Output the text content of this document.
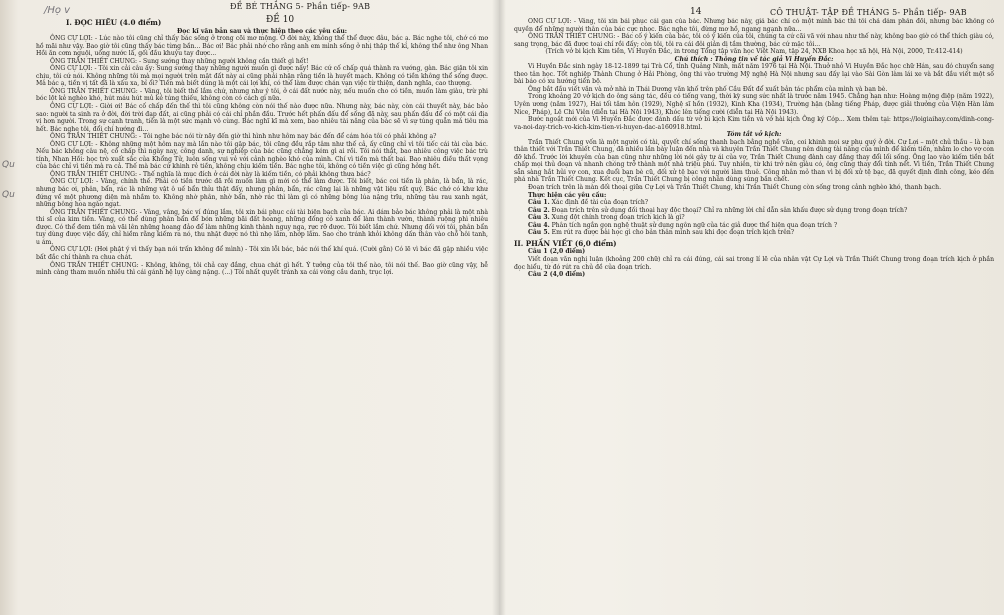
ĐỀ BÉ THẮNG 5- Phần tiếp- 9AB
CÔ THUẬT- TẬP ĐỀ THÁNG 5- Phần tiếp- 9AB
ĐỀ 10
14
/Họ v
Qu
Qu

I. ĐỌC HIỂU (4.0 điểm)

Đọc kĩ văn bản sau và thực hiện theo các yêu cầu:

ÔNG CỰ LỢI: - Lúc nào tôi cũng chỉ thấy bác sống ở trong cõi mơ mộng. Ở đời này, không thể thể được đâu, bác ạ. Bác nghe tôi, chớ có mơ hồ mãi như vậy. Bao giờ tôi cũng thấy bác từng bần... Bác ơi! Bác phải nhớ cho rằng anh em mình sống ở nhị thập thế kỉ, không thể như ông Nhan Hồi ăn cơm nguội, uống nước lã, gối đầu khuỷu tay được...

ÔNG TRẦN THIẾT CHUNG: - Sung sướng thay những người không cần thiết gì hết!

ÔNG CỰ LỢI: - Tôi xin cải câu ấy: Sung sướng thay những người muốn gì được nấy! Bác cứ cố chấp quá thành ra vướng, gàn. Bác giận tôi xin chịu, tôi cứ nói. Không những tôi mà mọi người trên mặt đất này ai cũng phải nhận rằng tiền là huyết mạch. Không có tiền không thể sống được. Mà bác ạ, tiền vị tất đã là xấu xa, bỉ ổi? Tiền mà biết dùng là một cái lợi khí, có thể làm được chán vạn việc từ thiện, danh nghĩa, cao thượng.

ÔNG TRẦN THIẾT CHUNG: - Vâng, tôi biết thế lắm chứ, nhưng như ý tôi, ở cái đất nước này, nếu muốn cho có tiền, muốn làm giàu, trừ phi bóc lột kẻ nghèo khó, hút máu hút mủ kẻ túng thiếu, không còn có cách gì nữa.

ÔNG CỰ LỢI: - Giời ơi! Bác cố chấp đến thế thì tôi cũng không còn nói thế nào được nữa. Nhưng này, bác này, còn cái thuyết này, bác bảo sao: người ta sinh ra ở đời, đời trời đạp đất, ai cũng phải có cái chỉ phần đầu. Trước hết phấn đấu để sống đã này, sau phấn đấu để có một cái địa vị hơn người. Trong sự cạnh tranh, tiền là một sức mạnh vô cùng. Bác nghĩ kĩ mà xem, bao nhiêu tài năng của bác sẽ vì sự túng quẫn mà tiêu ma hết. Bác nghe tôi, đổi chí hướng đi...

ÔNG TRẦN THIẾT CHUNG: - Tôi nghe bác nói từ nãy đến giờ thì hình như hôm nay bác đến để cám hóa tôi có phải không ạ?

ÔNG CỰ LỢI: - Không những một hôm nay mà lần nào tôi gặp bác, tôi cũng đều rắp tâm như thế cả, ấy cũng chỉ vì tôi tiếc cái tài của bác. Nếu bác không câu nệ, cố chấp thì ngày nay, công danh, sự nghiệp của bác cũng chẳng kém gì ai rồi. Tôi nói thật, bao nhiêu công việc bác trù tính, Nhan Hồi: học trò xuất sắc của Khổng Tử, luôn sống vui vẻ với cảnh nghèo khó của mình. Chí vì tiền mà thất bại. Bao nhiêu điều thất vọng của bác chỉ vì tiền mà ra cả. Thế mà bác cứ khinh rẻ tiền, không chịu kiếm tiền. Bác nghe tôi, không có tiền việc gì cũng hỏng hết.

ÔNG TRẦN THIẾT CHUNG: - Thế nghĩa là mục đích ở cái đời này là kiếm tiền, có phải không thưa bác?

ÔNG CỰ LỢI: - Vâng, chính thế. Phải có tiền trước đã rồi muốn làm gì mới có thể làm được. Tôi biết, bác coi tiền là phân, là bẩn, là rác, nhưng bác ơi, phân, bẩn, rác là những vật ô uế bẩn thỉu thật đấy, nhưng phân, bẩn, rác cũng lại là những vật liệu rất quý. Bác chớ có khư khư đứng về một phương diện mà nhầm to. Không nhờ phân, nhờ bẩn, nhờ rác thì làm gì có những bông lúa nặng trĩu, những tàu rau xanh ngát, những bông hoa ngào ngạt.

ÔNG TRẦN THIẾT CHUNG: - Vâng, vâng, bác ví đúng lắm, tôi xin bái phục cái tài biện bạch của bác. Ai dám bảo bác không phải là một nhà thi sĩ của kim tiền. Vâng, có thể dùng phân bẩn để bón những bãi đất hoang, những đống cỏ xanh để làm thành vườn, thành ruộng phì nhiêu được. Có thể đem tiền mà vãi lên những hoang đảo để làm những kinh thành nguy nga, rực rỡ được. Tôi biết lắm chứ. Nhưng đối với tôi, phân bẩn tuy dùng được việc đấy, chỉ hiềm rằng kiếm ra nó, thu nhặt được nó thì nhọ lắm, nhớp lắm. Sao cho tránh khỏi không dấn thân vào chỗ hôi tanh, u ám.

ÔNG CỰ LỢI: (Hơi phật ý vì thấy bạn nói trấn không để mình) - Tôi xin lỗi bác, bác nói thế khí quá. (Cười gằn) Có lẽ vì bác đã gặp nhiều việc bất đắc chí thành ra chua chát.

ÔNG TRẦN THIẾT CHUNG: - Không, không, tôi chả cay đắng, chua chát gì hết. Ý tưởng của tôi thế nào, tôi nói thế. Bao giờ cũng vậy, hễ mình càng tham muốn nhiều thì cái gánh hệ lụy càng nặng. (...) Tôi nhất quyết tránh xa cái vòng cầu danh, trục lợi.

ÔNG CỰ LỢI: - Vâng, tôi xin bái phục cái gan của bác. Nhưng bác này, giả bác chỉ có một mình bác thì tôi chả dám phản đối, nhưng bác không có quyền để những người thân của bác cực nhọc. Bác nghe tôi, đừng mơ hồ, ngang ngạnh nữa...

ÔNG TRẦN THIẾT CHUNG: - Bác cố ý kiến của bác, tôi có ý kiến của tôi, chúng ta cứ cãi vã với nhau như thế này, không bao giờ có thể thích giàu có, sang trọng, bác đã được toại chí rồi đấy; còn tôi, tôi ra cái đôi giản dị tầm thường, bác cứ mặc tôi...

(Trích vở bi kịch Kim tiền, Vi Huyền Đắc, in trong Tổng tập văn học Việt Nam, tập 24, NXB Khoa học xã hội, Hà Nội, 2000, Tr.412-414)

Chú thích : Thông tin về tác giả Vi Huyền Đắc:

Vi Huyền Đắc sinh ngày 18-12-1899 tại Trà Cổ, tỉnh Quảng Ninh, mất năm 1976 tại Hà Nội. Thuở nhỏ Vi Huyền Đắc học chữ Hán, sau đó chuyển sang theo tân học. Tốt nghiệp Thành Chung ở Hải Phòng, ông thi vào trường Mỹ nghệ Hà Nội nhưng sau đấy lại vào Sài Gòn làm lái xe và bắt đầu viết một số bài báo có xu hướng tiến bộ.

Ông bắt đầu viết văn và mở nhà in Thái Dương văn khố trên phố Cầu Đất để xuất bản tác phẩm của mình và bạn bè.

Trong khoảng 20 vở kịch do ông sáng tác, đều có tiếng vang, thời kỳ sung sức nhất là trước năm 1945. Chẳng hạn như: Hoàng mộng điệp (năm 1922), Uyên ương (năm 1927), Hai tối tăm hôn (1929), Nghệ sĩ hồn (1932), Kinh Kha (1934), Trường hận (bằng tiếng Pháp, được giải thưởng của Viện Hàn lâm Nice, Pháp), Lệ Chi Viên (diễn tại Hà Nội 1943), Khóc lên tiếng cười (diễn tại Hà Nội 1943).

Bước ngoặt mới của Vi Huyền Đắc được đánh dấu từ vở bi kịch Kim tiền và vở hài kịch Ông ký Cóp... Xem thêm tại: https://loigiaihay.com/dinh-cong-va-noi-day-trich-vo-kich-kim-tien-vi-huyen-dac-a160918.html.

Tóm tắt vở kịch:

Trần Thiết Chung vốn là một người có tài, quyết chí sống thanh bạch bằng nghề văn, coi khinh mọi sự phụ quý ở đời. Cự Lợi – một chủ thầu – là bạn thân thiết với Trần Thiết Chung, đã nhiều lần bày luận đến nhà và khuyên Trần Thiết Chung nên dùng tài năng của mình để kiếm tiền, nhằm lo cho vợ con đỡ khổ. Trước lời khuyên của bạn cũng như những lời nói gây tự ái của vợ, Trần Thiết Chung đành cay đắng thay đổi lối sống. Ông lao vào kiếm tiền bất chấp mọi thủ đoạn và nhanh chóng trở thành một nhà triệu phú. Tuy nhiên, từ khi trở nên giàu có, ông cũng thay đổi tính nết. Vì tiền, Trần Thiết Chung sẵn sàng hắt hủi vợ con, xua đuổi bạn bè cũ, đối xử tệ bạc với người làm thuê. Công nhân mỏ than vì bị đối xử tệ bạc, đã quyết định đình công, kéo đến phá nhà Trần Thiết Chung. Kết cục, Trần Thiết Chung bị công nhân dùng súng bắn chết.

Đoạn trích trên là màn đối thoại giữa Cự Lợi và Trần Thiết Chung, khi Trần Thiết Chung còn sống trong cảnh nghèo khó, thanh bạch.

Thực hiện các yêu cầu:

Câu 1. Xác định đề tài của đoạn trích?

Câu 2. Đoạn trích trên sử dụng đối thoại hay độc thoại? Chỉ ra những lời chỉ dẫn sân khấu được sử dụng trong đoạn trích?

Câu 3. Xung đột chính trong đoạn trích kịch là gì?

Câu 4. Phân tích ngắn gọn nghệ thuật sử dụng ngôn ngữ của tác giả được thể hiện qua đoạn trích ?

Câu 5. Em rút ra được bài học gì cho bản thân mình sau khi đọc đoạn trích kịch trên?

II. PHẦN VIẾT (6,0 điểm)

Câu 1 (2,0 điểm)

Viết đoạn văn nghị luận (khoảng 200 chữ) chỉ ra cái đúng, cái sai trong lí lẽ của nhân vật Cự Lợi và Trần Thiết Chung trong đoạn trích kịch ở phần đọc hiểu, từ đó rút ra chủ đề của đoạn trích.

Câu 2 (4,0 điểm)
